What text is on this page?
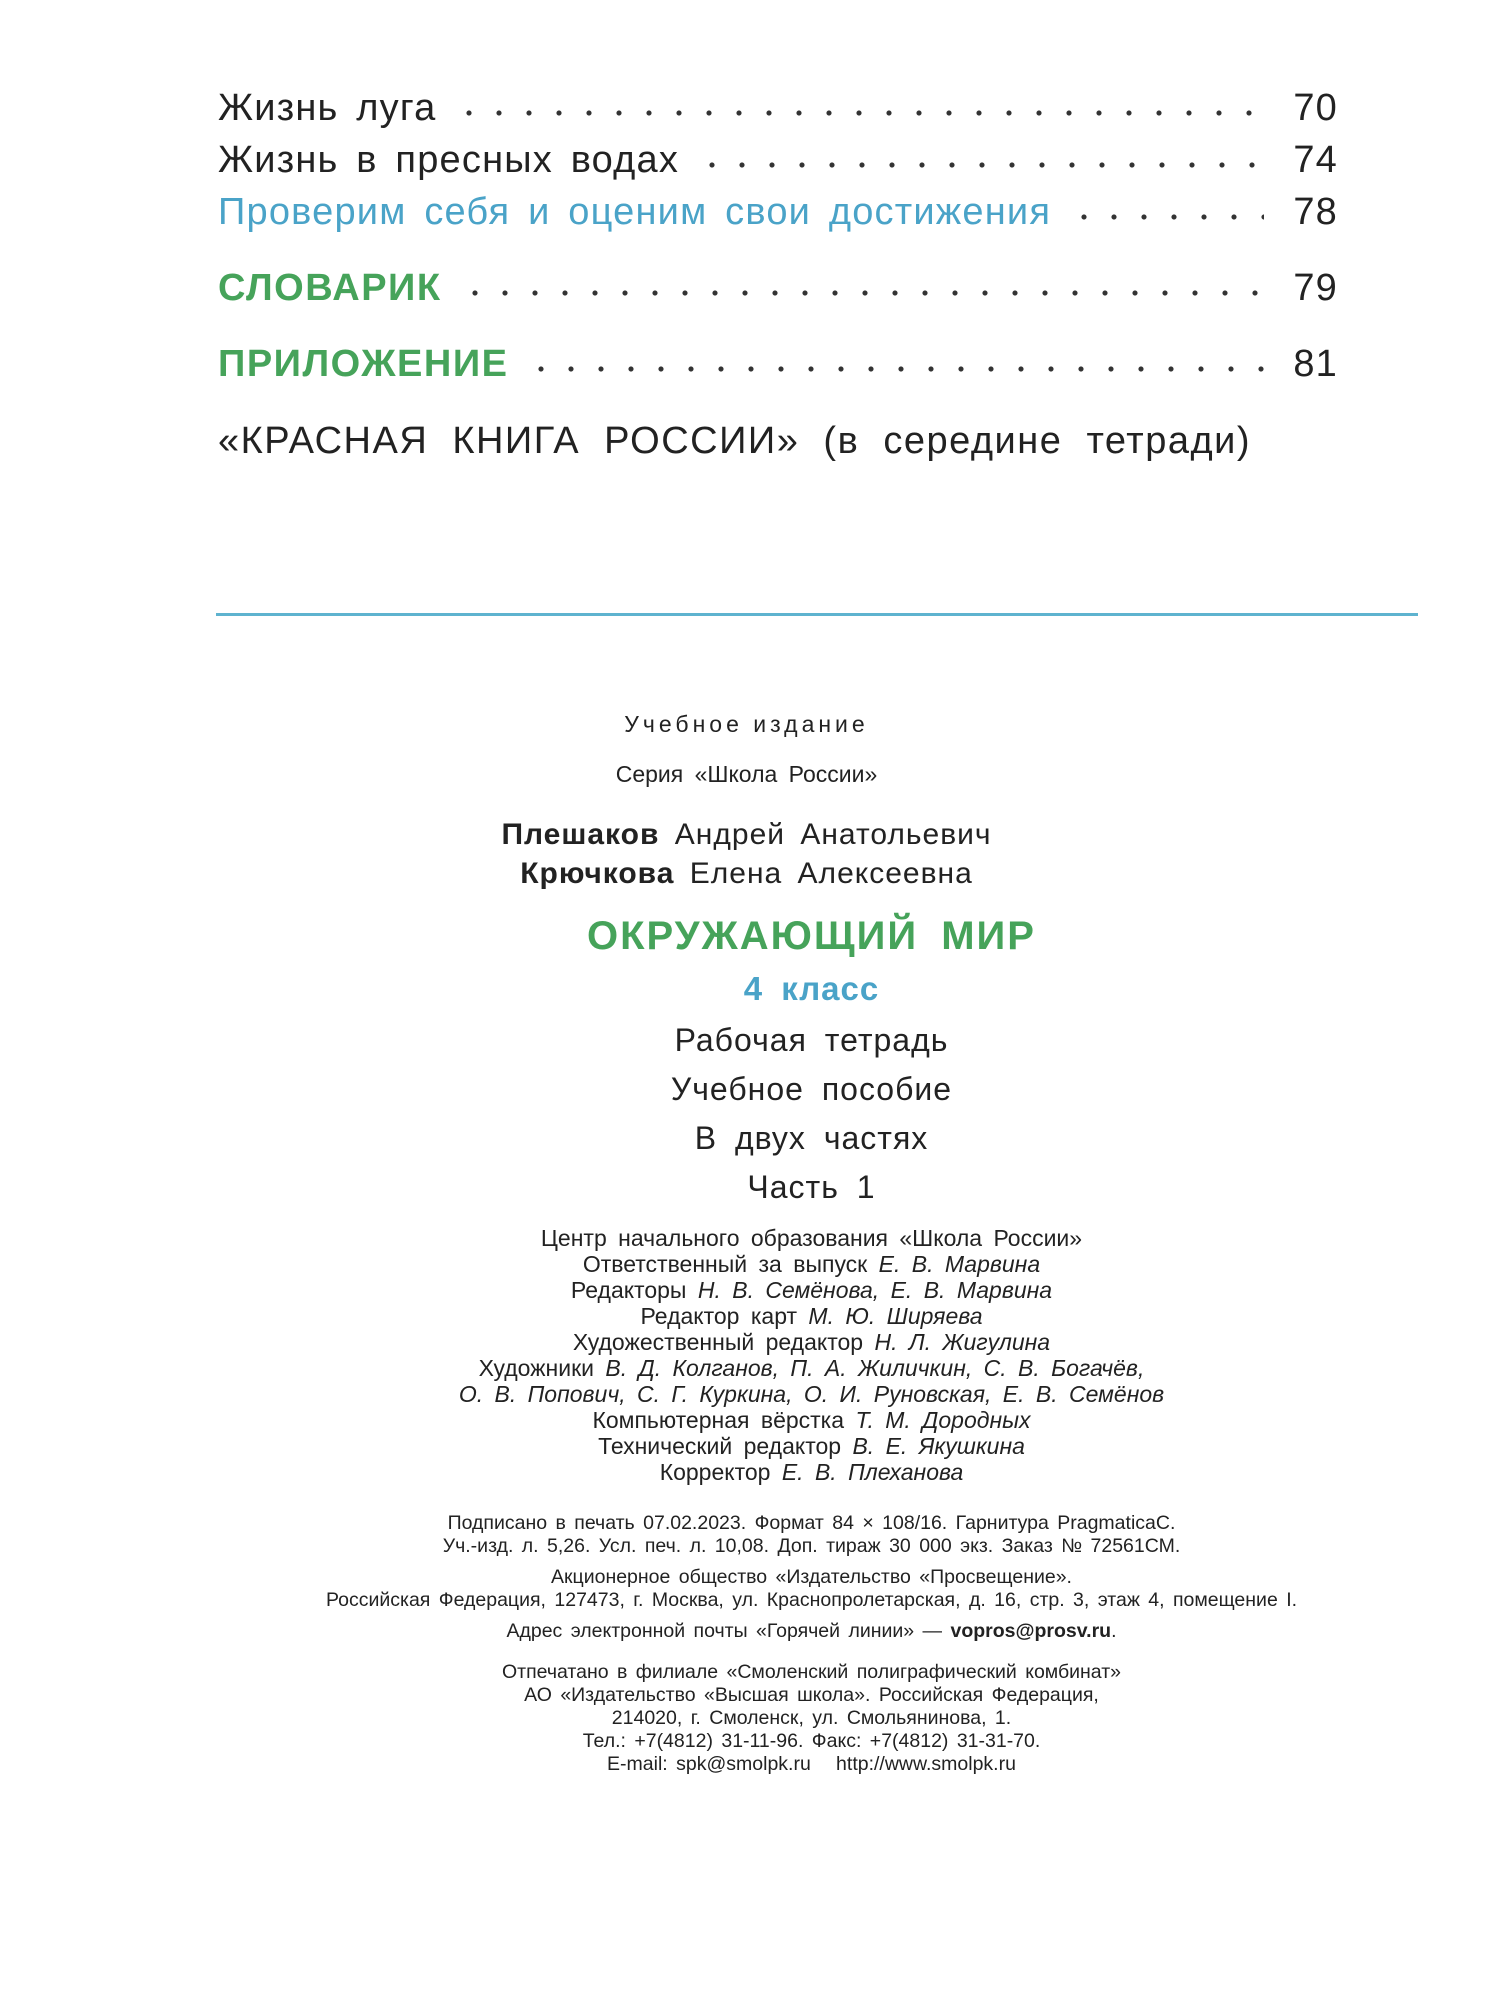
Жизнь луга	70
Жизнь в пресных водах	74
Проверим себя и оценим свои достижения	78
СЛОВАРИК	79
ПРИЛОЖЕНИЕ	81
«КРАСНАЯ КНИГА РОССИИ» (в середине тетради)
Учебное издание
Серия «Школа России»
Плешаков Андрей Анатольевич
Крючкова Елена Алексеевна
ОКРУЖАЮЩИЙ МИР
4 класс
Рабочая тетрадь
Учебное пособие
В двух частях
Часть 1
Центр начального образования «Школа России»
Ответственный за выпуск Е. В. Марвина
Редакторы Н. В. Семёнова, Е. В. Марвина
Редактор карт М. Ю. Ширяева
Художественный редактор Н. Л. Жигулина
Художники В. Д. Колганов, П. А. Жиличкин, С. В. Богачёв,
О. В. Попович, С. Г. Куркина, О. И. Руновская, Е. В. Семёнов
Компьютерная вёрстка Т. М. Дородных
Технический редактор В. Е. Якушкина
Корректор Е. В. Плеханова
Подписано в печать 07.02.2023. Формат 84 × 108/16. Гарнитура PragmaticaC.
Уч.-изд. л. 5,26. Усл. печ. л. 10,08. Доп. тираж 30 000 экз. Заказ № 72561СМ.
Акционерное общество «Издательство «Просвещение».
Российская Федерация, 127473, г. Москва, ул. Краснопролетарская, д. 16, стр. 3, этаж 4, помещение I.
Адрес электронной почты «Горячей линии» — vopros@prosv.ru.
Отпечатано в филиале «Смоленский полиграфический комбинат»
АО «Издательство «Высшая школа». Российская Федерация,
214020, г. Смоленск, ул. Смольянинова, 1.
Тел.: +7(4812) 31-11-96. Факс: +7(4812) 31-31-70.
E-mail: spk@smolpk.ru   http://www.smolpk.ru
